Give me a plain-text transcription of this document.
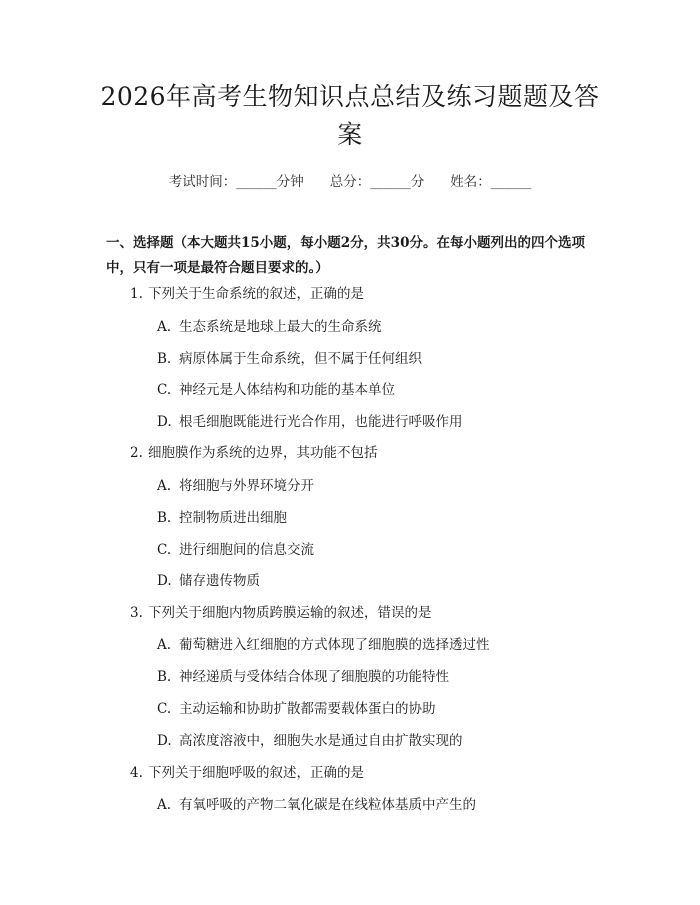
2026年高考生物知识点总结及练习题题及答案
考试时间：______分钟 总分：______分 姓名：______
一、选择题（本大题共15小题，每小题2分，共30分。在每小题列出的四个选项中，只有一项是最符合题目要求的。）
1. 下列关于生命系统的叙述，正确的是
A. 生态系统是地球上最大的生命系统
B. 病原体属于生命系统，但不属于任何组织
C. 神经元是人体结构和功能的基本单位
D. 根毛细胞既能进行光合作用，也能进行呼吸作用
2. 细胞膜作为系统的边界，其功能不包括
A. 将细胞与外界环境分开
B. 控制物质进出细胞
C. 进行细胞间的信息交流
D. 储存遗传物质
3. 下列关于细胞内物质跨膜运输的叙述，错误的是
A. 葡萄糖进入红细胞的方式体现了细胞膜的选择透过性
B. 神经递质与受体结合体现了细胞膜的功能特性
C. 主动运输和协助扩散都需要载体蛋白的协助
D. 高浓度溶液中，细胞失水是通过自由扩散实现的
4. 下列关于细胞呼吸的叙述，正确的是
A. 有氧呼吸的产物二氧化碳是在线粒体基质中产生的
